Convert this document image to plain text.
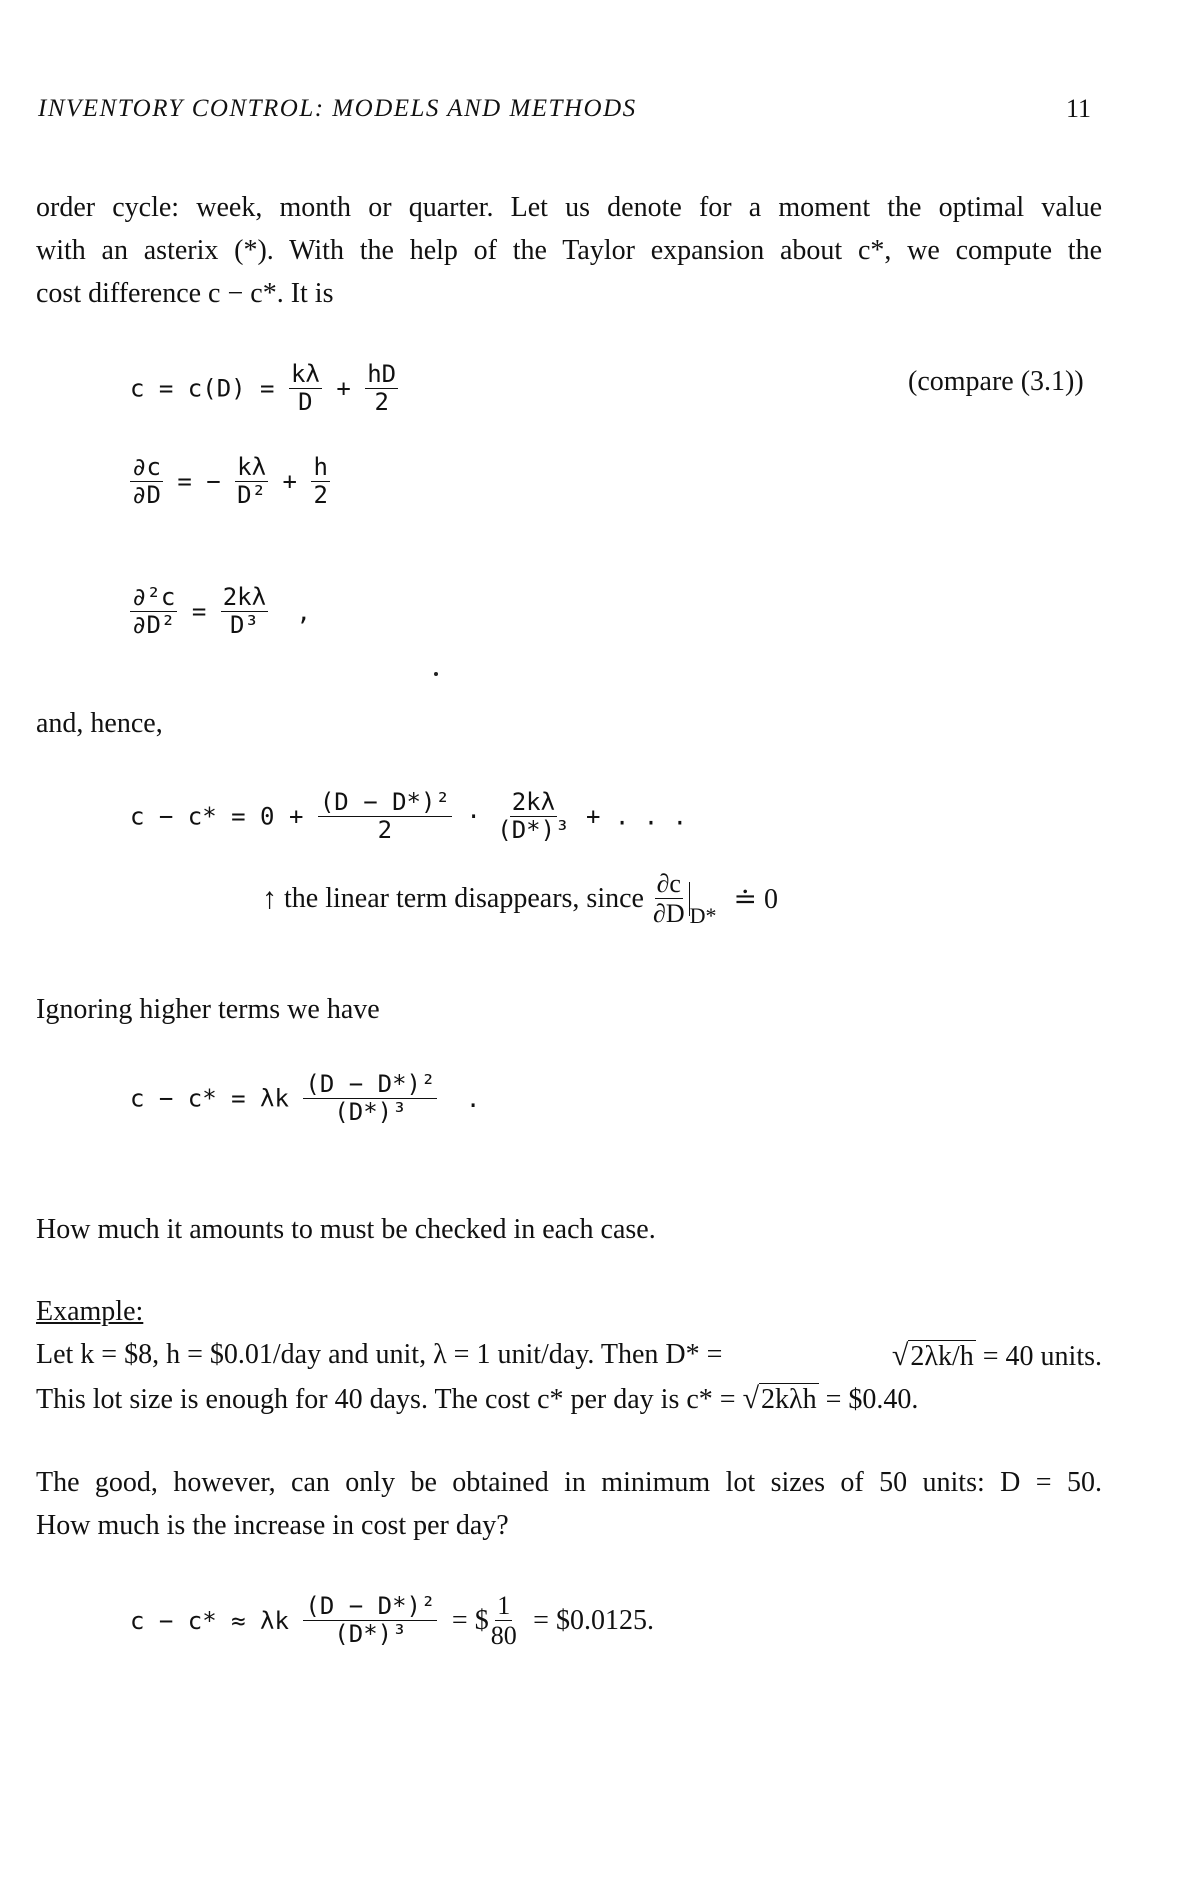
INVENTORY CONTROL: MODELS AND METHODS	11
order cycle: week, month or quarter. Let us denote for a moment the optimal value
with an asterix (*). With the help of the Taylor expansion about c*, we compute the
cost difference c − c*. It is
$c = c(D) = \frac{k\lambda}{D} + \frac{hD}{2}$	(compare (3.1))
$\frac{\partial c}{\partial D}$ = − $\frac{k\lambda}{\text{D²}} + \frac{h}{2}$
$\frac{\text{∂²c}}{\text{∂D²}} = \frac{2k\lambda}{\text{D³}}$ ,
and, hence,
$c - c* = 0 + \frac{\text{(D − D*)²}}{2} \cdot \frac{2k\lambda}{\text{(D*)³}}$ + . . .
↑ the linear term disappears, since $\frac{\partial c}{\partial D} _{D*}$ ≐ 0
Ignoring higher terms we have
c − c* = λk $\frac{\text{(D − D*)²}}{\text{(D*)³}}$ .
How much it amounts to must be checked in each case.
Example:
Let k = $8, h = $0.01/day and unit, λ = 1 unit/day. Then D* =	√2λk/h = 40 units.
This lot size is enough for 40 days. The cost c* per day is c* = √2kλh = $0.40.
The good, however, can only be obtained in minimum lot sizes of 50 units: D = 50.
How much is the increase in cost per day?
c − c* ≈ λk $\frac{\text{(D − D*)²}}{\text{(D*)³}}$ = $ $\frac{1}{80}$ = $0.0125.
